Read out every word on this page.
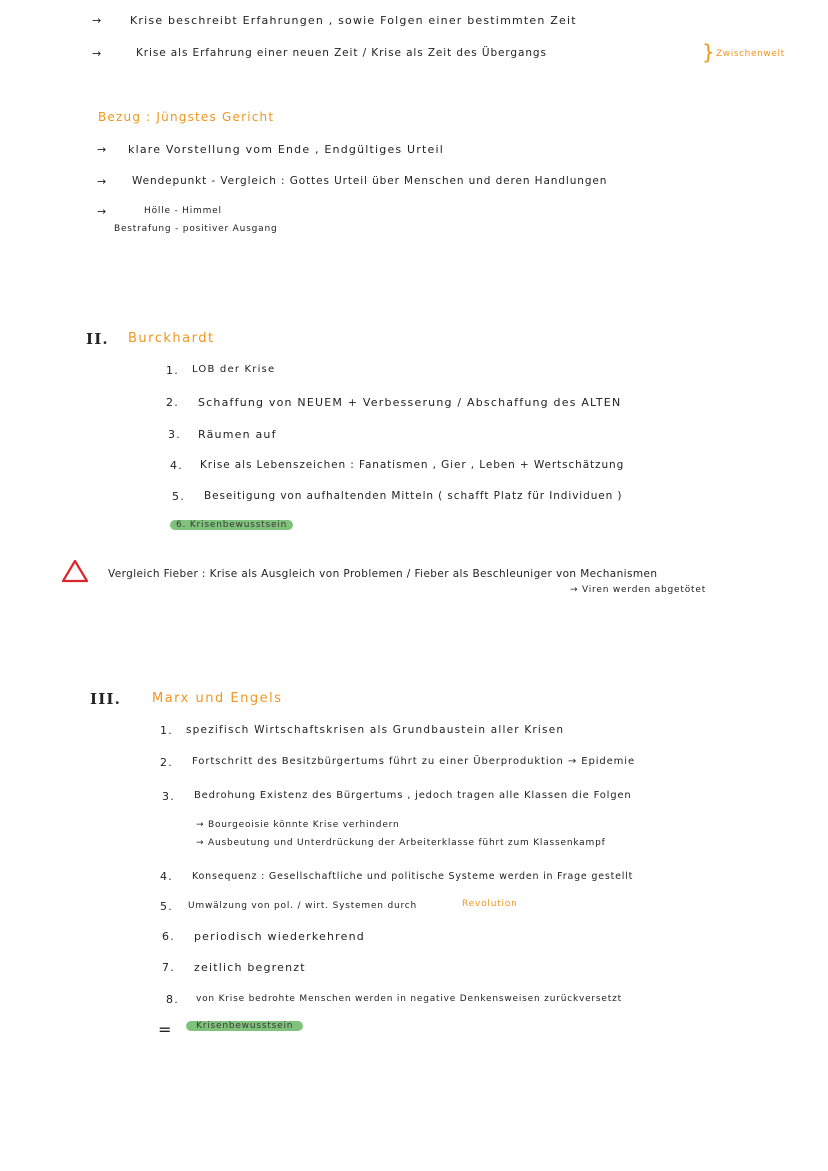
→	Krise beschreibt Erfahrungen , sowie Folgen einer bestimmten Zeit
→	Krise als Erfahrung einer neuen Zeit / Krise als Zeit des Übergangs	} Zwischenwelt
Bezug : Jüngstes Gericht
→ klare Vorstellung vom Ende , Endgültiges Urteil
→ Wendepunkt - Vergleich : Gottes Urteil über Menschen und deren Handlungen
→	Hölle - Himmel
Bestrafung - positiver Ausgang
II. Burckhardt
1. LOB der Krise
2. Schaffung von NEUEM + Verbesserung / Abschaffung des ALTEN
3. Räumen auf
4. Krise als Lebenszeichen : Fanatismen , Gier , Leben + Wertschätzung
5. Beseitigung von aufhaltenden Mitteln ( schafft Platz für Individuen )
6. Krisenbewusstsein
Vergleich Fieber : Krise als Ausgleich von Problemen / Fieber als Beschleuniger von Mechanismen
→ Viren werden abgetötet
III. Marx und Engels
1. spezifisch Wirtschaftskrisen als Grundbaustein aller Krisen
2. Fortschritt des Besitzbürgertums führt zu einer Überproduktion → Epidemie
3. Bedrohung Existenz des Bürgertums , jedoch tragen alle Klassen die Folgen
→ Bourgeoisie könnte Krise verhindern
→ Ausbeutung und Unterdrückung der Arbeiterklasse führt zum Klassenkampf
4. Konsequenz : Gesellschaftliche und politische Systeme werden in Frage gestellt
5. Umwälzung von pol. / wirt. Systemen durch	Revolution
6. periodisch wiederkehrend
7. zeitlich begrenzt
8. von Krise bedrohte Menschen werden in negative Denkensweisen zurückversetzt
=	Krisenbewusstsein
